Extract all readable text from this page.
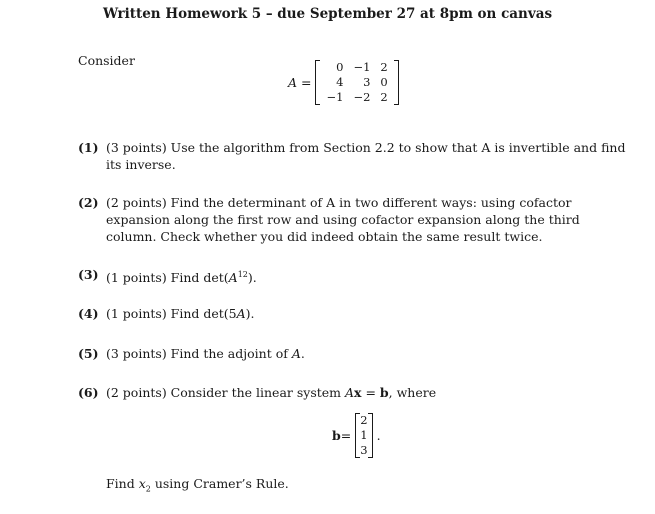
Written Homework 5 – due September 27 at 8pm on canvas
Consider
A =
0	−1	2
4	3	0
−1	−2	2
(1) (3 points) Use the algorithm from Section 2.2 to show that A is invertible and find its inverse.
(2) (2 points) Find the determinant of A in two different ways: using cofactor expansion along the first row and using cofactor expansion along the third column. Check whether you did indeed obtain the same result twice.
(3) (1 points) Find $\det(A^{12})$.
(4) (1 points) Find det(5A).
(5) (3 points) Find the adjoint of A.
(6) (2 points) Consider the linear system Ax = b, where
b =
2
1
3
.
Find $x_2$ using Cramer’s Rule.
